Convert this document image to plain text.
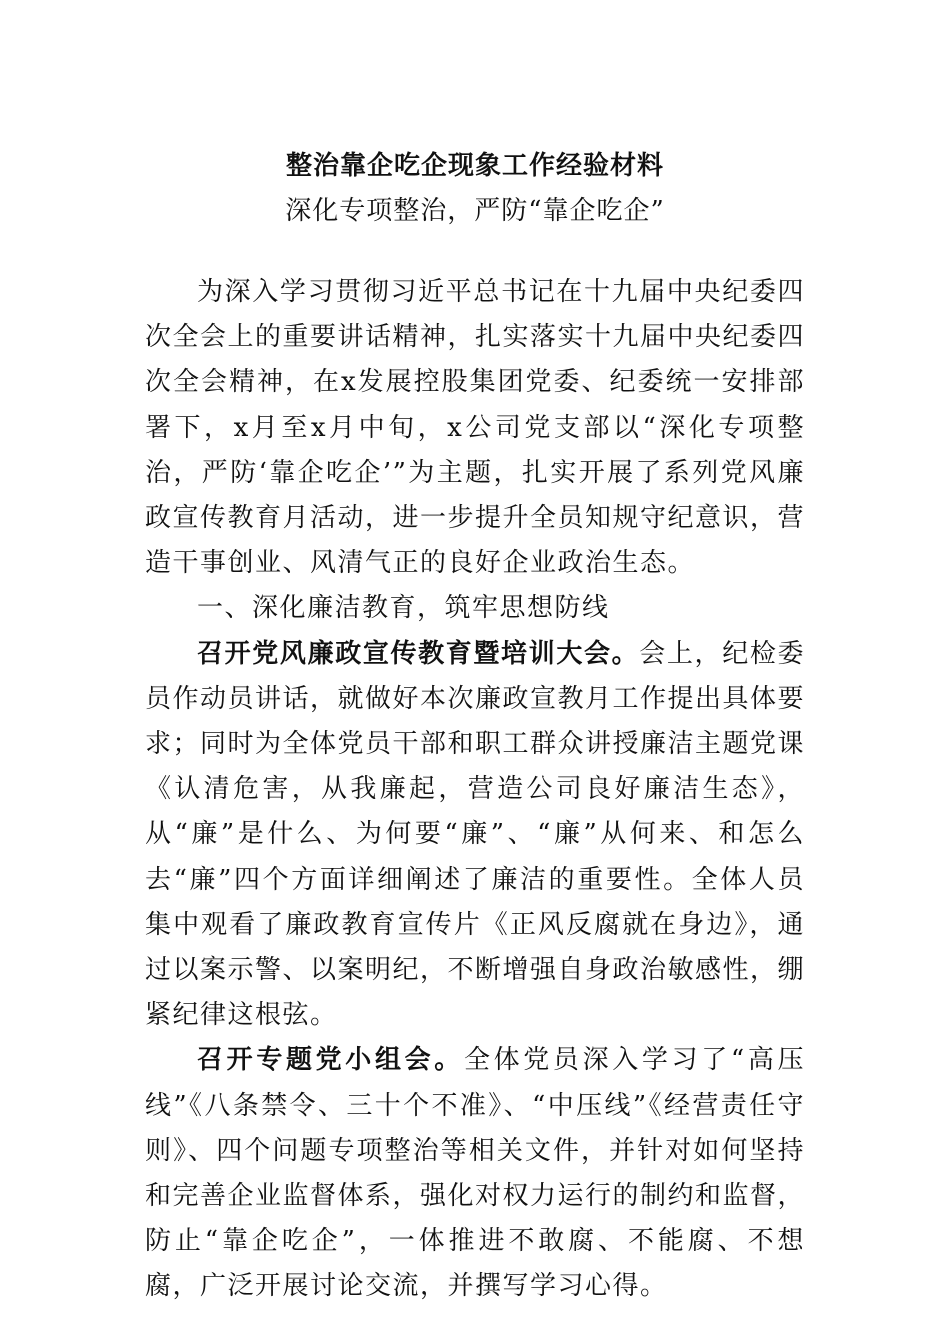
整治靠企吃企现象工作经验材料
深化专项整治，严防“靠企吃企”

为深入学习贯彻习近平总书记在十九届中央纪委四次全会上的重要讲话精神，扎实落实十九届中央纪委四次全会精神，在x发展控股集团党委、纪委统一安排部署下，x月至x月中旬，x公司党支部以“深化专项整治，严防‘靠企吃企’”为主题，扎实开展了系列党风廉政宣传教育月活动，进一步提升全员知规守纪意识，营造干事创业、风清气正的良好企业政治生态。

一、深化廉洁教育，筑牢思想防线

召开党风廉政宣传教育暨培训大会。会上，纪检委员作动员讲话，就做好本次廉政宣教月工作提出具体要求；同时为全体党员干部和职工群众讲授廉洁主题党课《认清危害，从我廉起，营造公司良好廉洁生态》，从“廉”是什么、为何要“廉”、“廉”从何来、和怎么去“廉”四个方面详细阐述了廉洁的重要性。全体人员集中观看了廉政教育宣传片《正风反腐就在身边》，通过以案示警、以案明纪，不断增强自身政治敏感性，绷紧纪律这根弦。

召开专题党小组会。全体党员深入学习了“高压线”《八条禁令、三十个不准》、“中压线”《经营责任守则》、四个问题专项整治等相关文件，并针对如何坚持和完善企业监督体系，强化对权力运行的制约和监督，防止“靠企吃企”，一体推进不敢腐、不能腐、不想腐，广泛开展讨论交流，并撰写学习心得。
